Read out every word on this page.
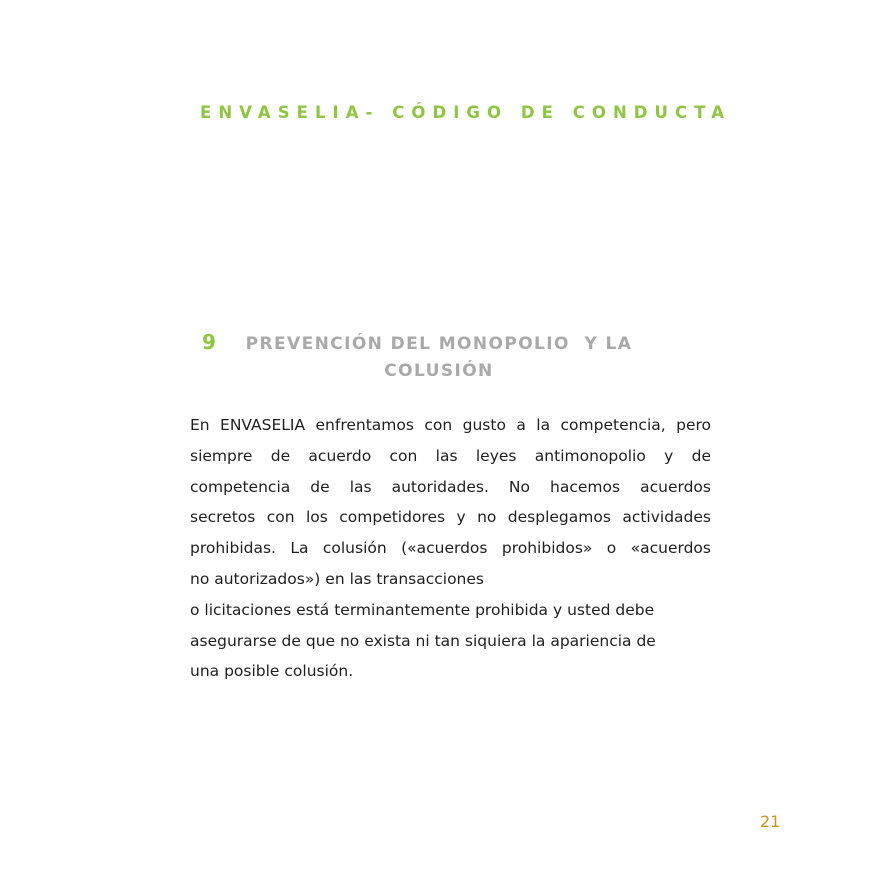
ENVASELIA- CÓDIGO DE CONDUCTA
9	PREVENCIÓN DEL MONOPOLIO  Y LA
COLUSIÓN
En ENVASELIA enfrentamos con gusto a la competencia, pero
siempre de acuerdo con las leyes antimonopolio y de
competencia de las autoridades. No hacemos acuerdos
secretos con los competidores y no desplegamos actividades
prohibidas. La colusión («acuerdos prohibidos» o «acuerdos
no autorizados») en las transacciones
o licitaciones está terminantemente prohibida y usted debe
asegurarse de que no exista ni tan siquiera la apariencia de
una posible colusión.
21
